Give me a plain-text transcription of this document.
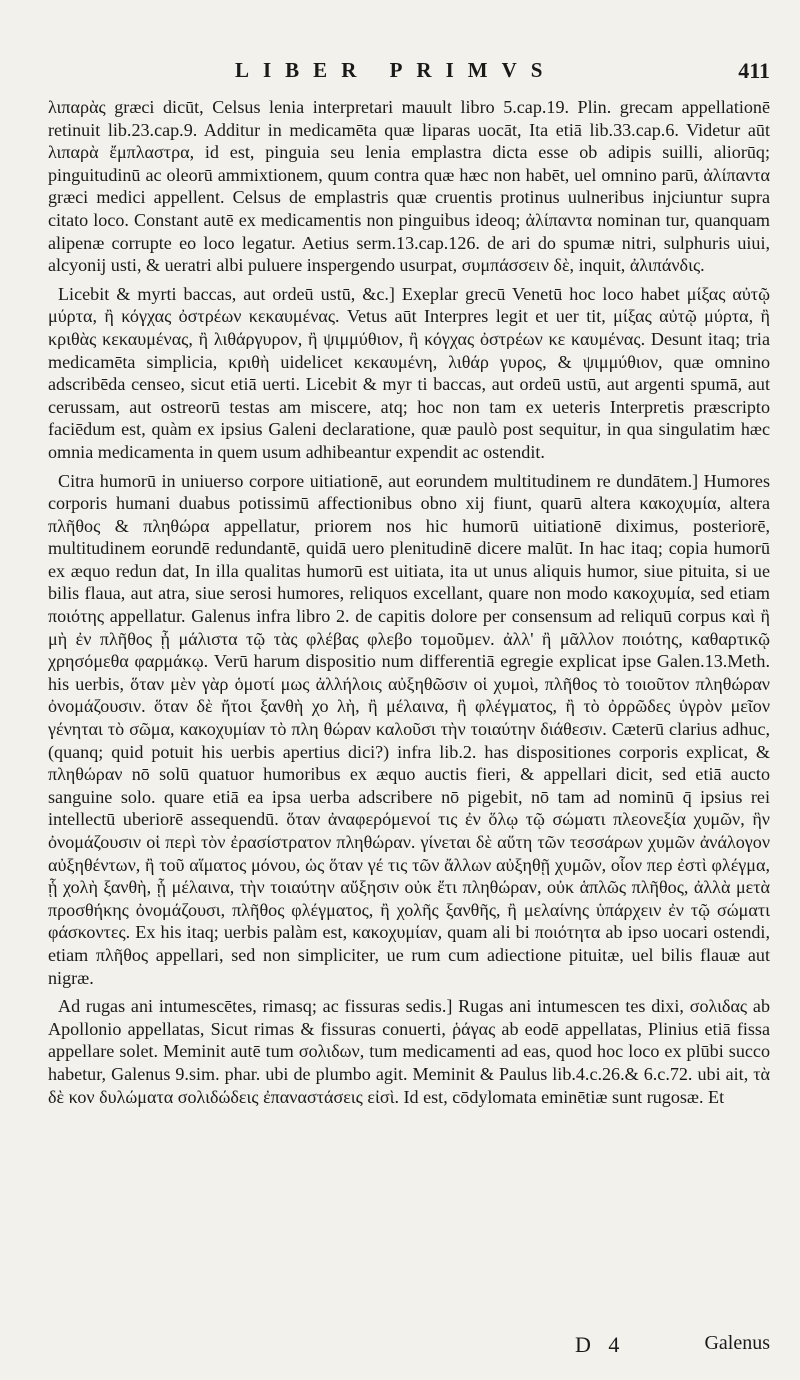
LIBER PRIMVS	411

λιπαρὰς græci dicūt, Celsus lenia interpretari mauult libro 5.cap.19. Plin. grecam appellationē retinuit lib.23.cap.9. Additur in medicamēta quæ liparas uocāt, Ita etiā lib.33.cap.6. Videtur aūt λιπαρὰ ἔμπλαστρα, id est, pinguia seu lenia emplastra dicta esse ob adipis suilli, aliorūq; pinguitudinū ac oleorū ammixtionem, quum contra quæ hæc non habēt, uel omnino parū, ἀλίπαντα græci medici appellent. Celsus de emplastris quæ cruentis protinus uulneribus injciuntur supra citato loco. Constant autē ex medicamentis non pinguibus ideoq; ἀλίπαντα nominan tur, quanquam alipenæ corrupte eo loco legatur. Aetius serm.13.cap.126. de ari do spumæ nitri, sulphuris uiui, alcyonij usti, & ueratri albi puluere inspergendo usurpat, συμπάσσειν δὲ, inquit, ἀλιπάνδις.

Licebit & myrti baccas, aut ordeū ustū, &c.] Exeplar grecū Venetū hoc loco habet μίξας αὐτῷ μύρτα, ἢ κόγχας ὀστρέων κεκαυμένας. Vetus aūt Interpres legit et uer tit, μίξας αὐτῷ μύρτα, ἢ κριθὰς κεκαυμένας, ἢ λιθάργυρον, ἢ ψιμμύθιον, ἢ κόγχας ὀστρέων κε καυμένας. Desunt itaq; tria medicamēta simplicia, κριθὴ uidelicet κεκαυμένη, λιθάρ γυρος, & ψιμμύθιον, quæ omnino adscribēda censeo, sicut etiā uerti. Licebit & myr ti baccas, aut ordeū ustū, aut argenti spumā, aut cerussam, aut ostreorū testas am miscere, atq; hoc non tam ex ueteris Interpretis præscripto faciēdum est, quàm ex ipsius Galeni declaratione, quæ paulò post sequitur, in qua singulatim hæc omnia medicamenta in quem usum adhibeantur expendit ac ostendit.

Citra humorū in uniuerso corpore uitiationē, aut eorundem multitudinem re dundātem.] Humores corporis humani duabus potissimū affectionibus obno xij fiunt, quarū altera κακοχυμία, altera πλῆθος & πληθώρα appellatur, priorem nos hic humorū uitiationē diximus, posteriorē, multitudinem eorundē redundantē, quidā uero plenitudinē dicere malūt. In hac itaq; copia humorū ex æquo redun dat, In illa qualitas humorū est uitiata, ita ut unus aliquis humor, siue pituita, si ue bilis flaua, aut atra, siue serosi humores, reliquos excellant, quare non modo κακοχυμία, sed etiam ποιότης appellatur. Galenus infra libro 2. de capitis dolore per consensum ad reliquū corpus καὶ ἢ μὴ ἐν πλῆθος ᾖ μάλιστα τῷ τὰς φλέβας φλεβο τομοῦμεν. ἀλλ' ἢ μᾶλλον ποιότης, καθαρτικῷ χρησόμεθα φαρμάκῳ. Verū harum dispositio num differentiā egregie explicat ipse Galen.13.Meth. his uerbis, ὅταν μὲν γὰρ ὁμοτί μως ἀλλήλοις αὐξηθῶσιν οἱ χυμοὶ, πλῆθος τὸ τοιοῦτον πληθώραν ὀνομάζουσιν. ὅταν δὲ ἤτοι ξανθὴ χο λὴ, ἢ μέλαινα, ἢ φλέγματος, ἢ τὸ ὀρρῶδες ὑγρὸν μεῖον γένηται τὸ σῶμα, κακοχυμίαν τὸ πλη θώραν καλοῦσι τὴν τοιαύτην διάθεσιν. Cæterū clarius adhuc, (quanq; quid potuit his uerbis apertius dici?) infra lib.2. has dispositiones corporis explicat, & πληθώραν nō solū quatuor humoribus ex æquo auctis fieri, & appellari dicit, sed etiā aucto sanguine solo. quare etiā ea ipsa uerba adscribere nō pigebit, nō tam ad nominū q̄ ipsius rei intellectū uberiorē assequendū. ὅταν ἀναφερόμενοί τις ἐν ὅλῳ τῷ σώματι πλεονεξία χυμῶν, ἣν ὀνομάζουσιν οἱ περὶ τὸν ἐρασίστρατον πληθώραν. γίνεται δὲ αὕτη τῶν τεσσάρων χυμῶν ἀνάλογον αὐξηθέντων, ἢ τοῦ αἵματος μόνου, ὡς ὅταν γέ τις τῶν ἄλλων αὐξηθῇ χυμῶν, οἷον περ ἐστὶ φλέγμα, ᾗ χολὴ ξανθὴ, ᾗ μέλαινα, τὴν τοιαύτην αὔξησιν οὐκ ἔτι πληθώραν, οὐκ ἁπλῶς πλῆθος, ἀλλὰ μετὰ προσθήκης ὀνομάζουσι, πλῆθος φλέγματος, ἢ χολῆς ξανθῆς, ἢ μελαίνης ὑπάρχειν ἐν τῷ σώματι φάσκοντες. Ex his itaq; uerbis palàm est, κακοχυμίαν, quam ali bi ποιότητα ab ipso uocari ostendi, etiam πλῆθος appellari, sed non simpliciter, ue rum cum adiectione pituitæ, uel bilis flauæ aut nigræ.

Ad rugas ani intumescētes, rimasq; ac fissuras sedis.] Rugas ani intumescen tes dixi, σολιδας ab Apollonio appellatas, Sicut rimas & fissuras conuerti, ῥάγας ab eodē appellatas, Plinius etiā fissa appellare solet. Meminit autē tum σολιδων, tum medicamenti ad eas, quod hoc loco ex plūbi succo habetur, Galenus 9.sim. phar. ubi de plumbo agit. Meminit & Paulus lib.4.c.26.& 6.c.72. ubi ait, τὰ δὲ κον δυλώματα σολιδώδεις ἐπαναστάσεις εἰσὶ. Id est, cōdylomata eminētiæ sunt rugosæ. Et

D 4	Galenus
